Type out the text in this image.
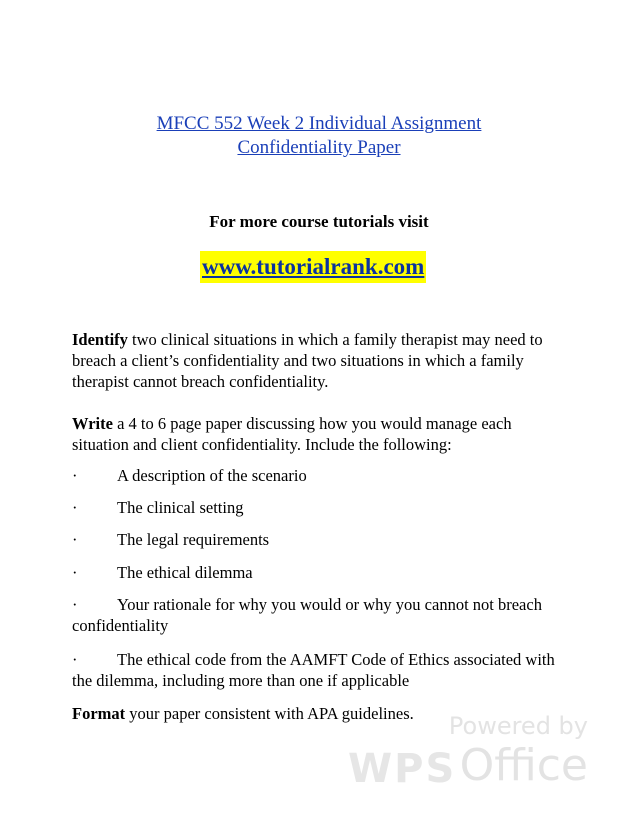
MFCC 552 Week 2 Individual Assignment
Confidentiality Paper
For more course tutorials visit
www.tutorialrank.com
Identify two clinical situations in which a family therapist may need to breach a client’s confidentiality and two situations in which a family therapist cannot breach confidentiality.
Write a 4 to 6 page paper discussing how you would manage each situation and client confidentiality. Include the following:
· A description of the scenario
· The clinical setting
· The legal requirements
· The ethical dilemma
· Your rationale for why you would or why you cannot not breach confidentiality
· The ethical code from the AAMFT Code of Ethics associated with the dilemma, including more than one if applicable
Format your paper consistent with APA guidelines.	Powered by
WPS Office
